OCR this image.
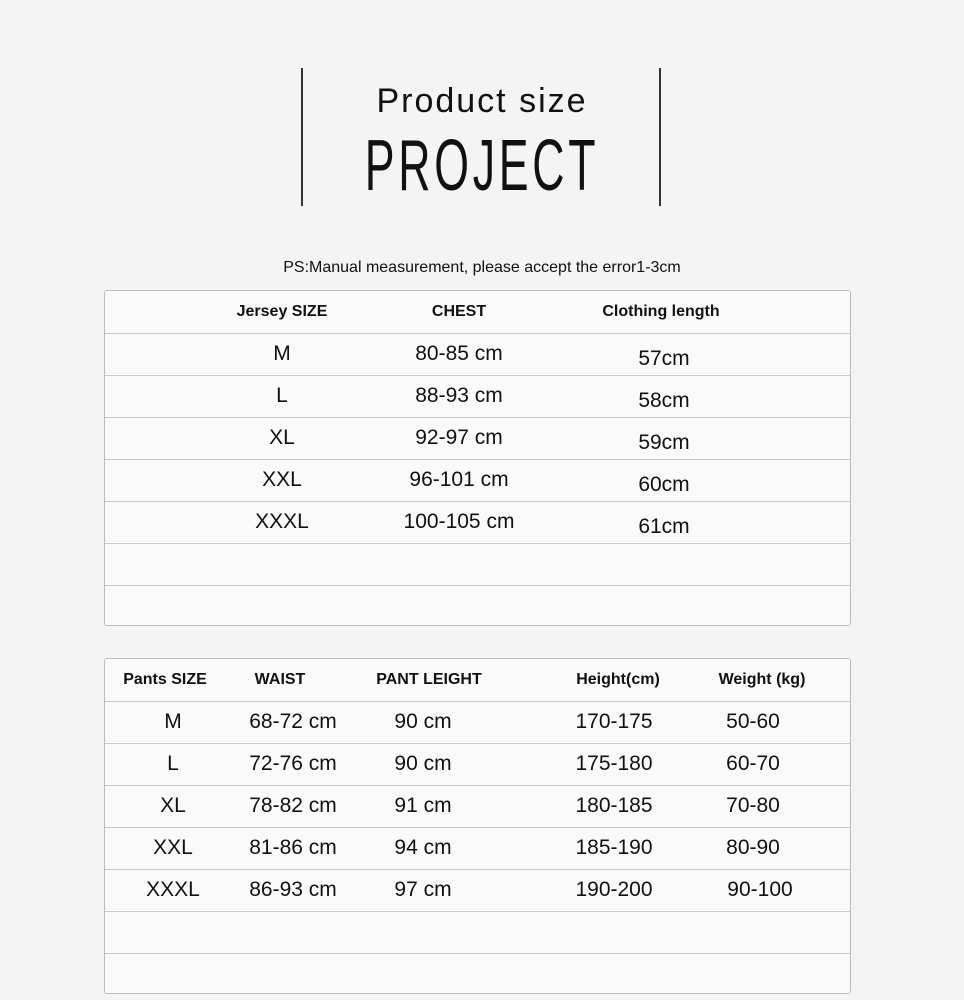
Product size
PROJECT
PS:Manual measurement, please accept the error1-3cm
Jersey SIZE	CHEST	Clothing length
M	80-85 cm	57cm
L	88-93 cm	58cm
XL	92-97 cm	59cm
XXL	96-101 cm	60cm
XXXL	100-105 cm	61cm
Pants SIZE	WAIST	PANT LEIGHT	Height(cm)	Weight (kg)
M	68-72 cm	90 cm	170-175	50-60
L	72-76 cm	90 cm	175-180	60-70
XL	78-82 cm	91 cm	180-185	70-80
XXL	81-86 cm	94 cm	185-190	80-90
XXXL 86-93 cm	97 cm	190-200	90-100
